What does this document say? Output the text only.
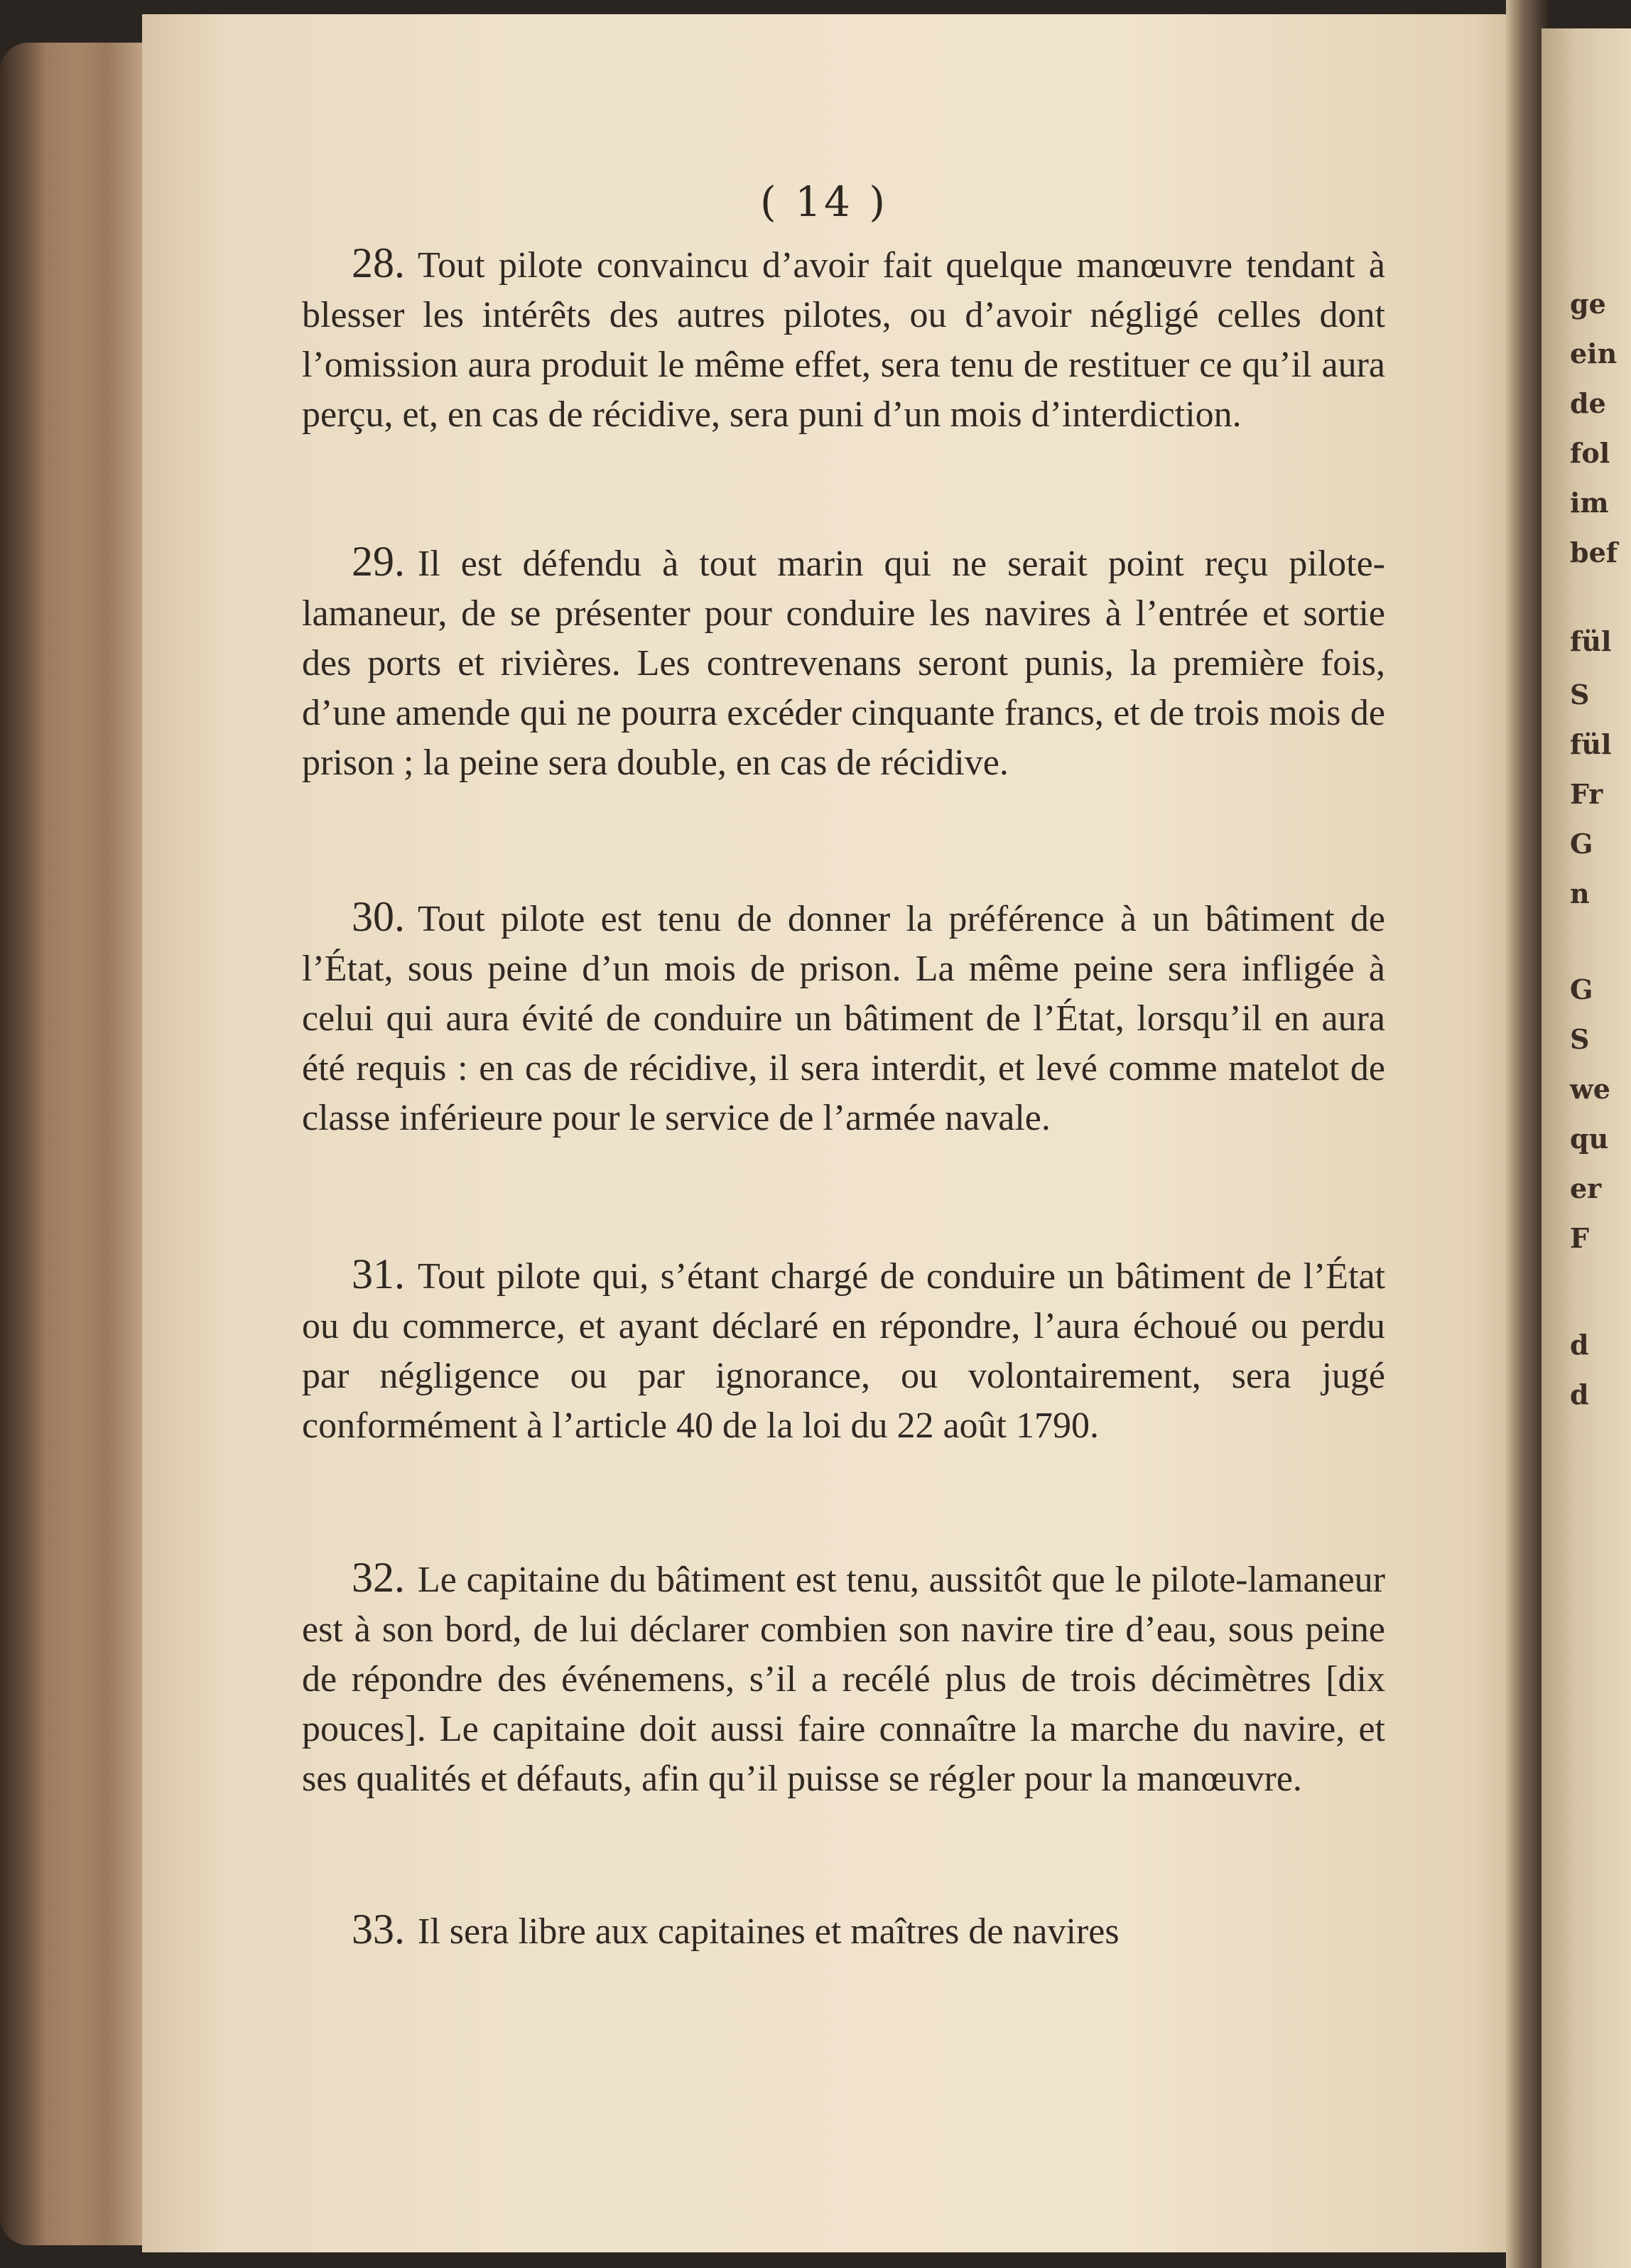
( 14 )
28. Tout pilote convaincu d’avoir fait quelque manœuvre tendant à blesser les intérêts des autres pilotes, ou d’avoir négligé celles dont l’omission aura produit le même effet, sera tenu de restituer ce qu’il aura perçu, et, en cas de récidive, sera puni d’un mois d’interdiction.
29. Il est défendu à tout marin qui ne serait point reçu pilote-lamaneur, de se présenter pour conduire les navires à l’entrée et sortie des ports et rivières. Les contrevenans seront punis, la première fois, d’une amende qui ne pourra excéder cinquante francs, et de trois mois de prison ; la peine sera double, en cas de récidive.
30. Tout pilote est tenu de donner la préférence à un bâtiment de l’État, sous peine d’un mois de prison. La même peine sera infligée à celui qui aura évité de conduire un bâtiment de l’État, lorsqu’il en aura été requis : en cas de récidive, il sera interdit, et levé comme matelot de classe inférieure pour le service de l’armée navale.
31. Tout pilote qui, s’étant chargé de conduire un bâtiment de l’État ou du commerce, et ayant déclaré en répondre, l’aura échoué ou perdu par négligence ou par ignorance, ou volontairement, sera jugé conformément à l’article 40 de la loi du 22 août 1790.
32. Le capitaine du bâtiment est tenu, aussitôt que le pilote-lamaneur est à son bord, de lui déclarer combien son navire tire d’eau, sous peine de répondre des événemens, s’il a recélé plus de trois décimètres [dix pouces]. Le capitaine doit aussi faire connaître la marche du navire, et ses qualités et défauts, afin qu’il puisse se régler pour la manœuvre.
33. Il sera libre aux capitaines et maîtres de navires
ge
ein
de
fol
im
bef
fül
S
fül
Fr
G
n
G
S
we
qu
er
F
d
d
